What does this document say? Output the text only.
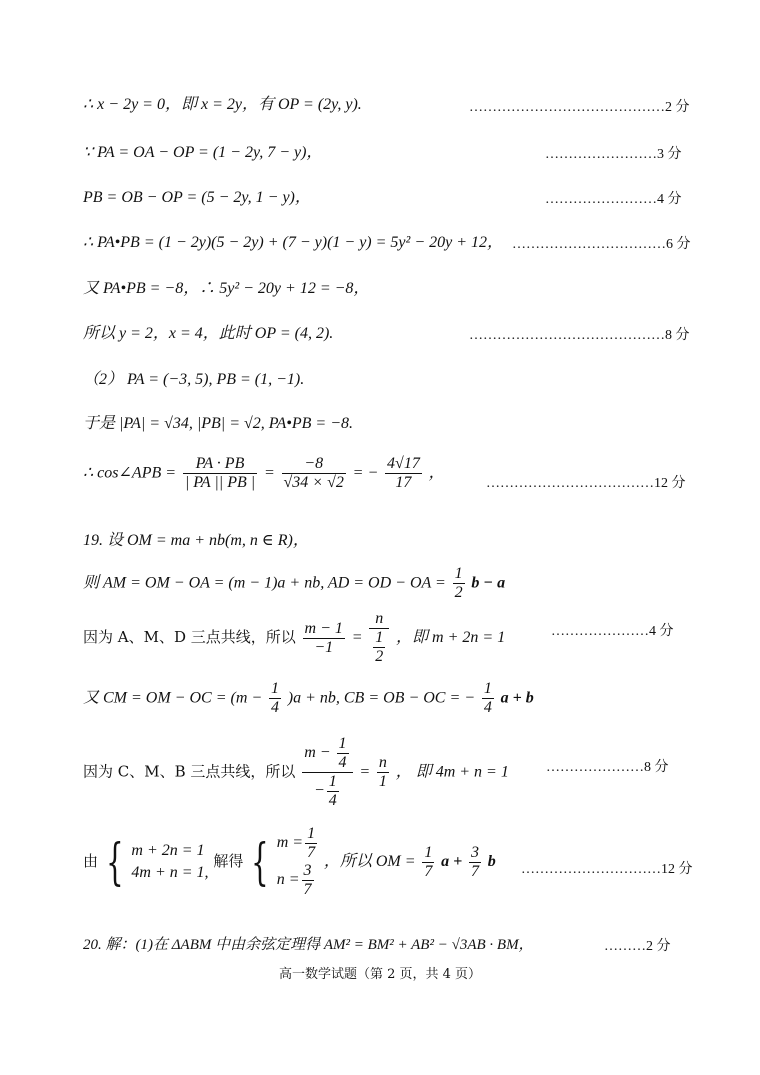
∴ x − 2y = 0，即 x = 2y，有 OP = (2y, y).	……………………………………2 分
∵ PA = OA − OP = (1 − 2y, 7 − y)，	……………………3 分
PB = OB − OP = (5 − 2y, 1 − y)，	……………………4 分
∴ PA•PB = (1 − 2y)(5 − 2y) + (7 − y)(1 − y) = 5y² − 20y + 12， ……………………………6 分
又 PA•PB = −8，∴ 5y² − 20y + 12 = −8，
所以 y = 2，x = 4，此时 OP = (4, 2).	……………………………………8 分
（2） PA = (−3, 5), PB = (1, −1).
于是 |PA| = √34, |PB| = √2, PA•PB = −8.
∴ cos∠APB = $\frac{PA \cdot PB}{| PA || PB |} = \frac{-8}{√34 \times √2}$ = − $\frac{4√17}{17}$ ，
………………………………12 分
19. 设 OM = ma + nb(m, n ∈ R)，
则 AM = OM − OA = (m − 1)a + nb, AD = OD − OA = $\frac{1}{2}$ b − a
因为 A、M、D 三点共线，所以 $\frac{m - 1}{-1} = \frac{n}{\frac{1}{2}}$ ，即 m + 2n = 1	…………………4 分
又 CM = OM − OC = $(m - \frac{1}{4} )a$ + nb, CB = OB − OC = − $\frac{1}{4}$ a + b
因为 C、M、B 三点共线，所以 $\frac{m - \frac{1}{4}}{- \frac{1}{4}} = \frac{n}{1}$ ， 即 4m + n = 1	…………………8 分
由 { m + 2n = 1
4m + n = 1,
解得 { $m = \frac{1}{7}$
$n = \frac{3}{7}$
，所以 OM = $\frac{1}{7}$ $a + \frac{3}{7}$ b …………………………12 分
20. 解：(1)在 ΔABM 中由余弦定理得 AM² = BM² + AB² − √3AB · BM，	………2 分
高一数学试题（第 2 页，共 4 页）
